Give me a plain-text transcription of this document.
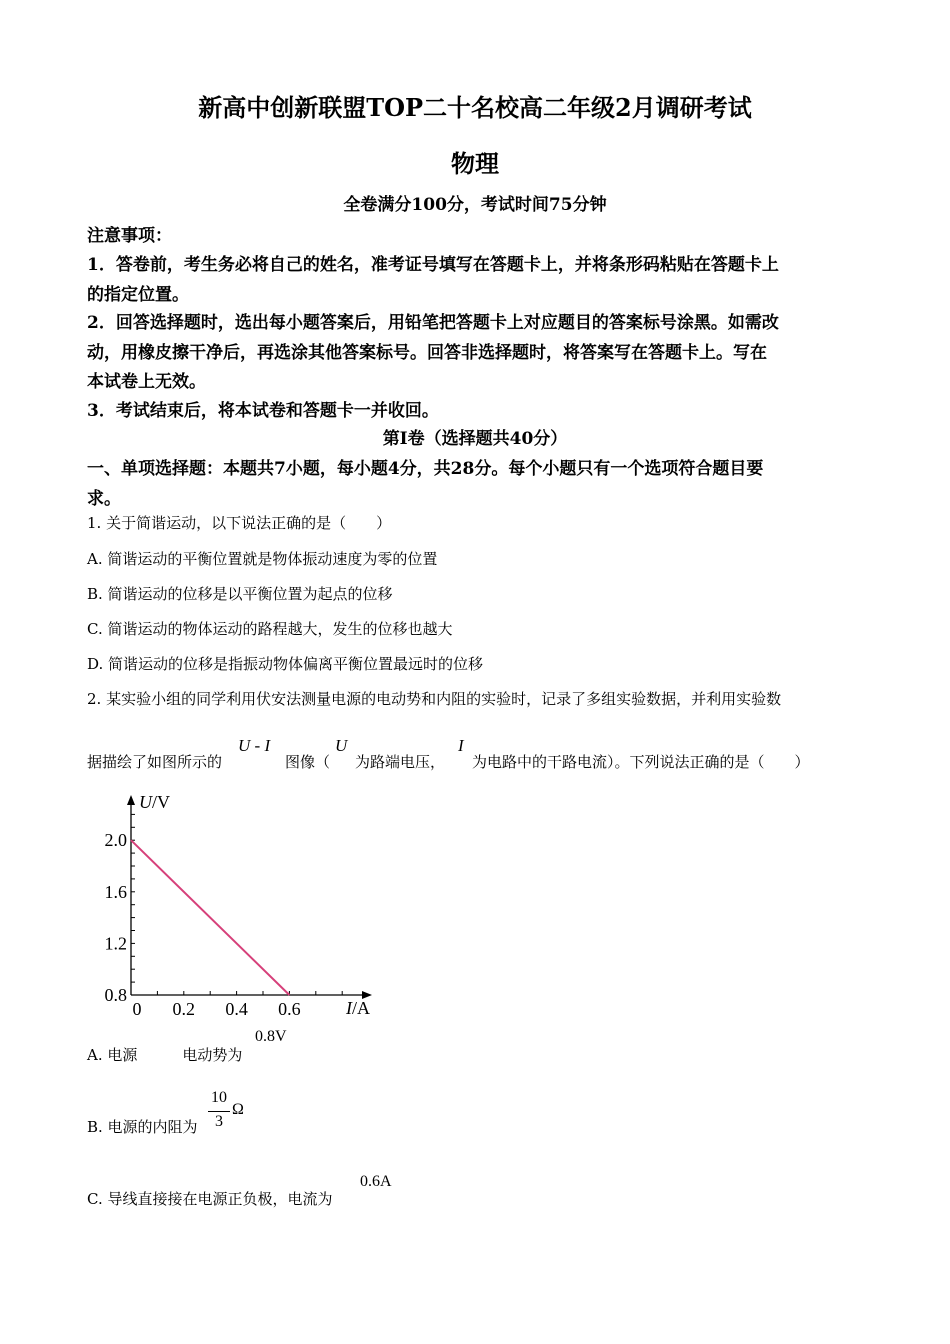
新高中创新联盟TOP二十名校高二年级2月调研考试
物理
全卷满分100分，考试时间75分钟
注意事项：
1．答卷前，考生务必将自己的姓名，准考证号填写在答题卡上，并将条形码粘贴在答题卡上
的指定位置。
2．回答选择题时，选出每小题答案后，用铅笔把答题卡上对应题目的答案标号涂黑。如需改
动，用橡皮擦干净后，再选涂其他答案标号。回答非选择题时，将答案写在答题卡上。写在
本试卷上无效。
3．考试结束后，将本试卷和答题卡一并收回。
第Ⅰ卷（选择题共40分）
一、单项选择题：本题共7小题，每小题4分，共28分。每个小题只有一个选项符合题目要
求。
1. 关于简谐运动，以下说法正确的是（　　）
A. 简谐运动的平衡位置就是物体振动速度为零的位置
B. 简谐运动的位移是以平衡位置为起点的位移
C. 简谐运动的物体运动的路程越大，发生的位移也越大
D. 简谐运动的位移是指振动物体偏离平衡位置最远时的位移
2. 某实验小组的同学利用伏安法测量电源的电动势和内阻的实验时，记录了多组实验数据，并利用实验数
据描绘了如图所示的
U - I
图像（
U
为路端电压，
I
为电路中的干路电流）。下列说法正确的是（　　）
0.8
1.2
1.6
2.0
0 0.2 0.4 0.6
U/V
I/A
A. 电源　　　电动势为
0.8V
B. 电源的内阻为
10
3
Ω
C. 导线直接接在电源正负极，电流为
0.6A
